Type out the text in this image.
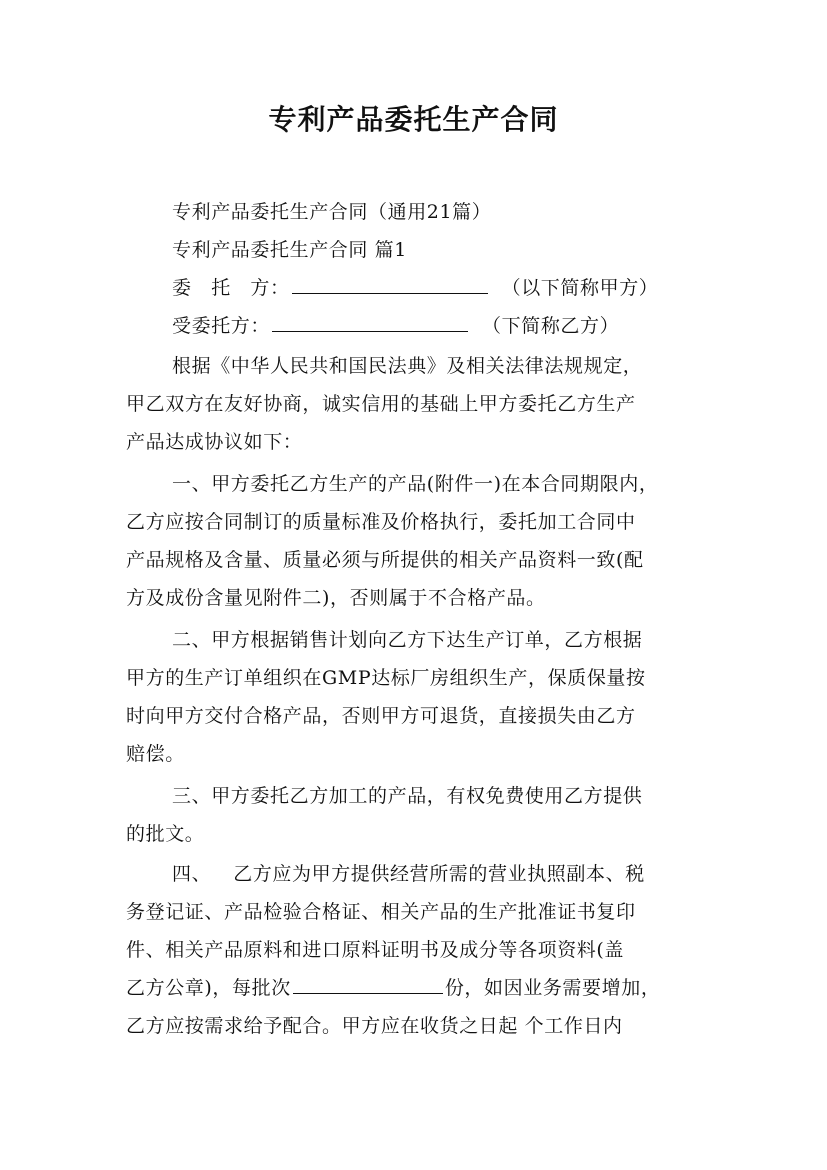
专利产品委托生产合同
专利产品委托生产合同（通用21篇）
专利产品委托生产合同 篇1
委　托　方：	（以下简称甲方）
受委托方：	（下简称乙方）
根据《中华人民共和国民法典》及相关法律法规规定，
甲乙双方在友好协商，诚实信用的基础上甲方委托乙方生产
产品达成协议如下：
一、甲方委托乙方生产的产品(附件一)在本合同期限内，
乙方应按合同制订的质量标准及价格执行，委托加工合同中
产品规格及含量、质量必须与所提供的相关产品资料一致(配
方及成份含量见附件二)，否则属于不合格产品。
二、甲方根据销售计划向乙方下达生产订单，乙方根据
甲方的生产订单组织在GMP达标厂房组织生产，保质保量按
时向甲方交付合格产品，否则甲方可退货，直接损失由乙方
赔偿。
三、甲方委托乙方加工的产品，有权免费使用乙方提供
的批文。
四、 乙方应为甲方提供经营所需的营业执照副本、税
务登记证、产品检验合格证、相关产品的生产批准证书复印
件、相关产品原料和进口原料证明书及成分等各项资料(盖
乙方公章)，每批次	份，如因业务需要增加，
乙方应按需求给予配合。甲方应在收货之日起 个工作日内
